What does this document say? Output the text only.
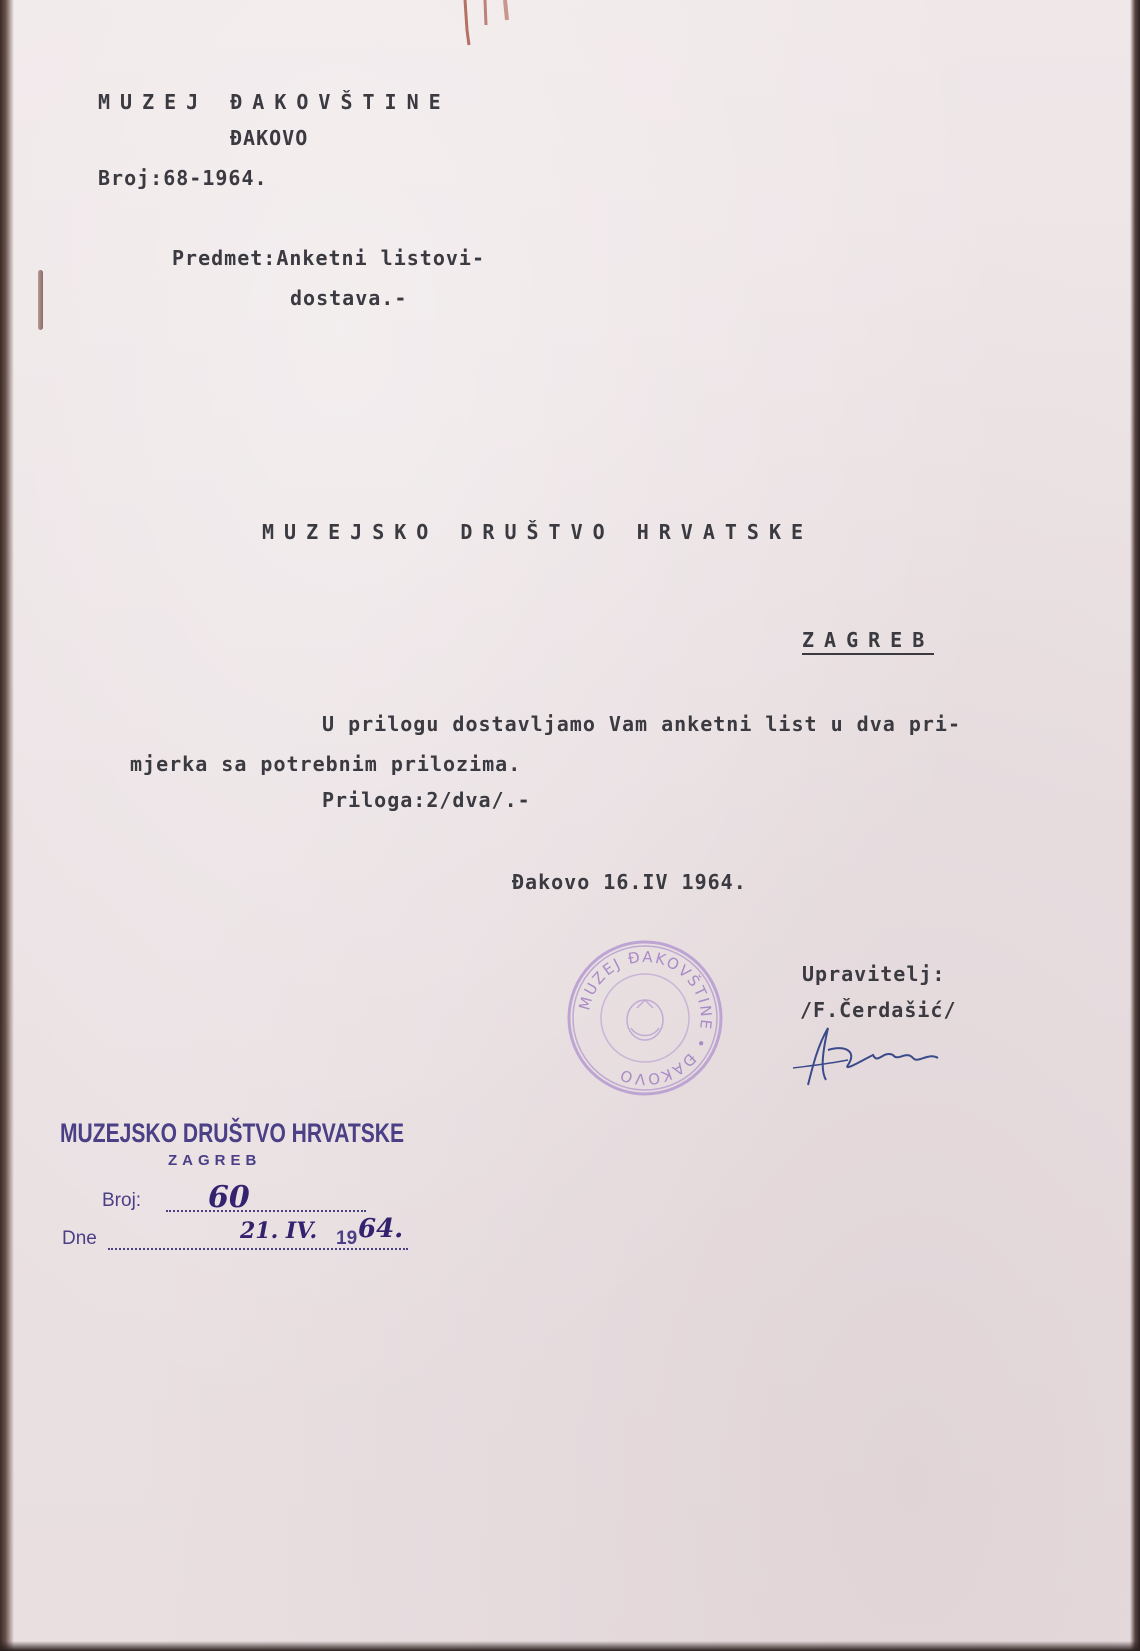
MUZEJ ĐAKOVŠTINE
ĐAKOVO
Broj:68-1964.
Predmet:Anketni listovi-
dostava.-
MUZEJSKO DRUŠTVO HRVATSKE
ZAGREB
U prilogu dostavljamo Vam anketni list u dva pri-
mjerka sa potrebnim prilozima.
Priloga:2/dva/.-
Đakovo 16.IV 1964.
Upravitelj:
/F.Čerdašić/
MUZEJ ĐAKOVŠTINE • ĐAKOVO
MUZEJSKO DRUŠTVO HRVATSKE
ZAGREB
Broj: 60
Dne	21. IV. 19 64.
